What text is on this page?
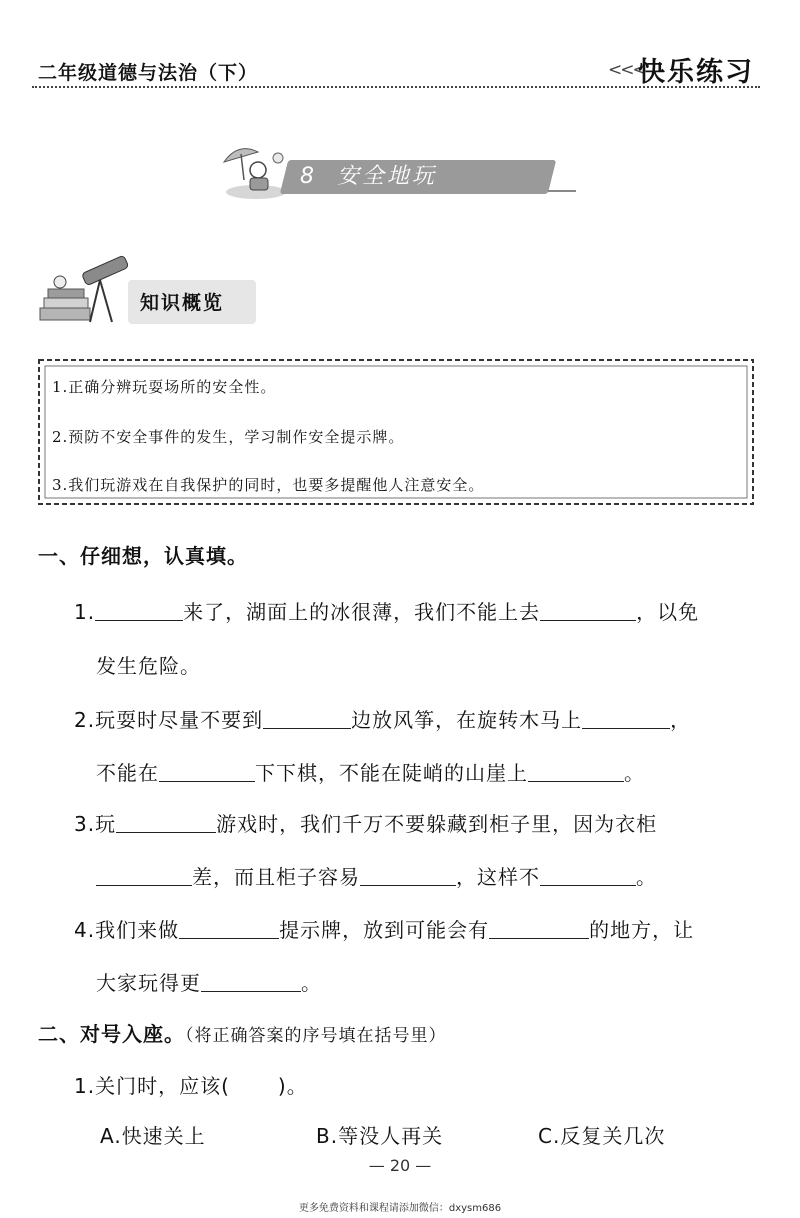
二年级道德与法治（下）	<<<
快乐练习
8 安全地玩
知识概览
1.正确分辨玩耍场所的安全性。
2.预防不安全事件的发生，学习制作安全提示牌。
3.我们玩游戏在自我保护的同时，也要多提醒他人注意安全。
一、仔细想，认真填。
1.	来了，湖面上的冰很薄，我们不能上去	，以免
发生危险。
2.玩耍时尽量不要到	边放风筝，在旋转木马上	，
不能在	下下棋，不能在陡峭的山崖上	。
3.玩	游戏时，我们千万不要躲藏到柜子里，因为衣柜
差，而且柜子容易	，这样不	。
4.我们来做	提示牌，放到可能会有	的地方，让
大家玩得更	。
二、对号入座。（将正确答案的序号填在括号里）
1.关门时，应该( )。
A.快速关上	B.等没人再关	C.反复关几次
— 20 —
更多免费资料和课程请添加微信：dxysm686
